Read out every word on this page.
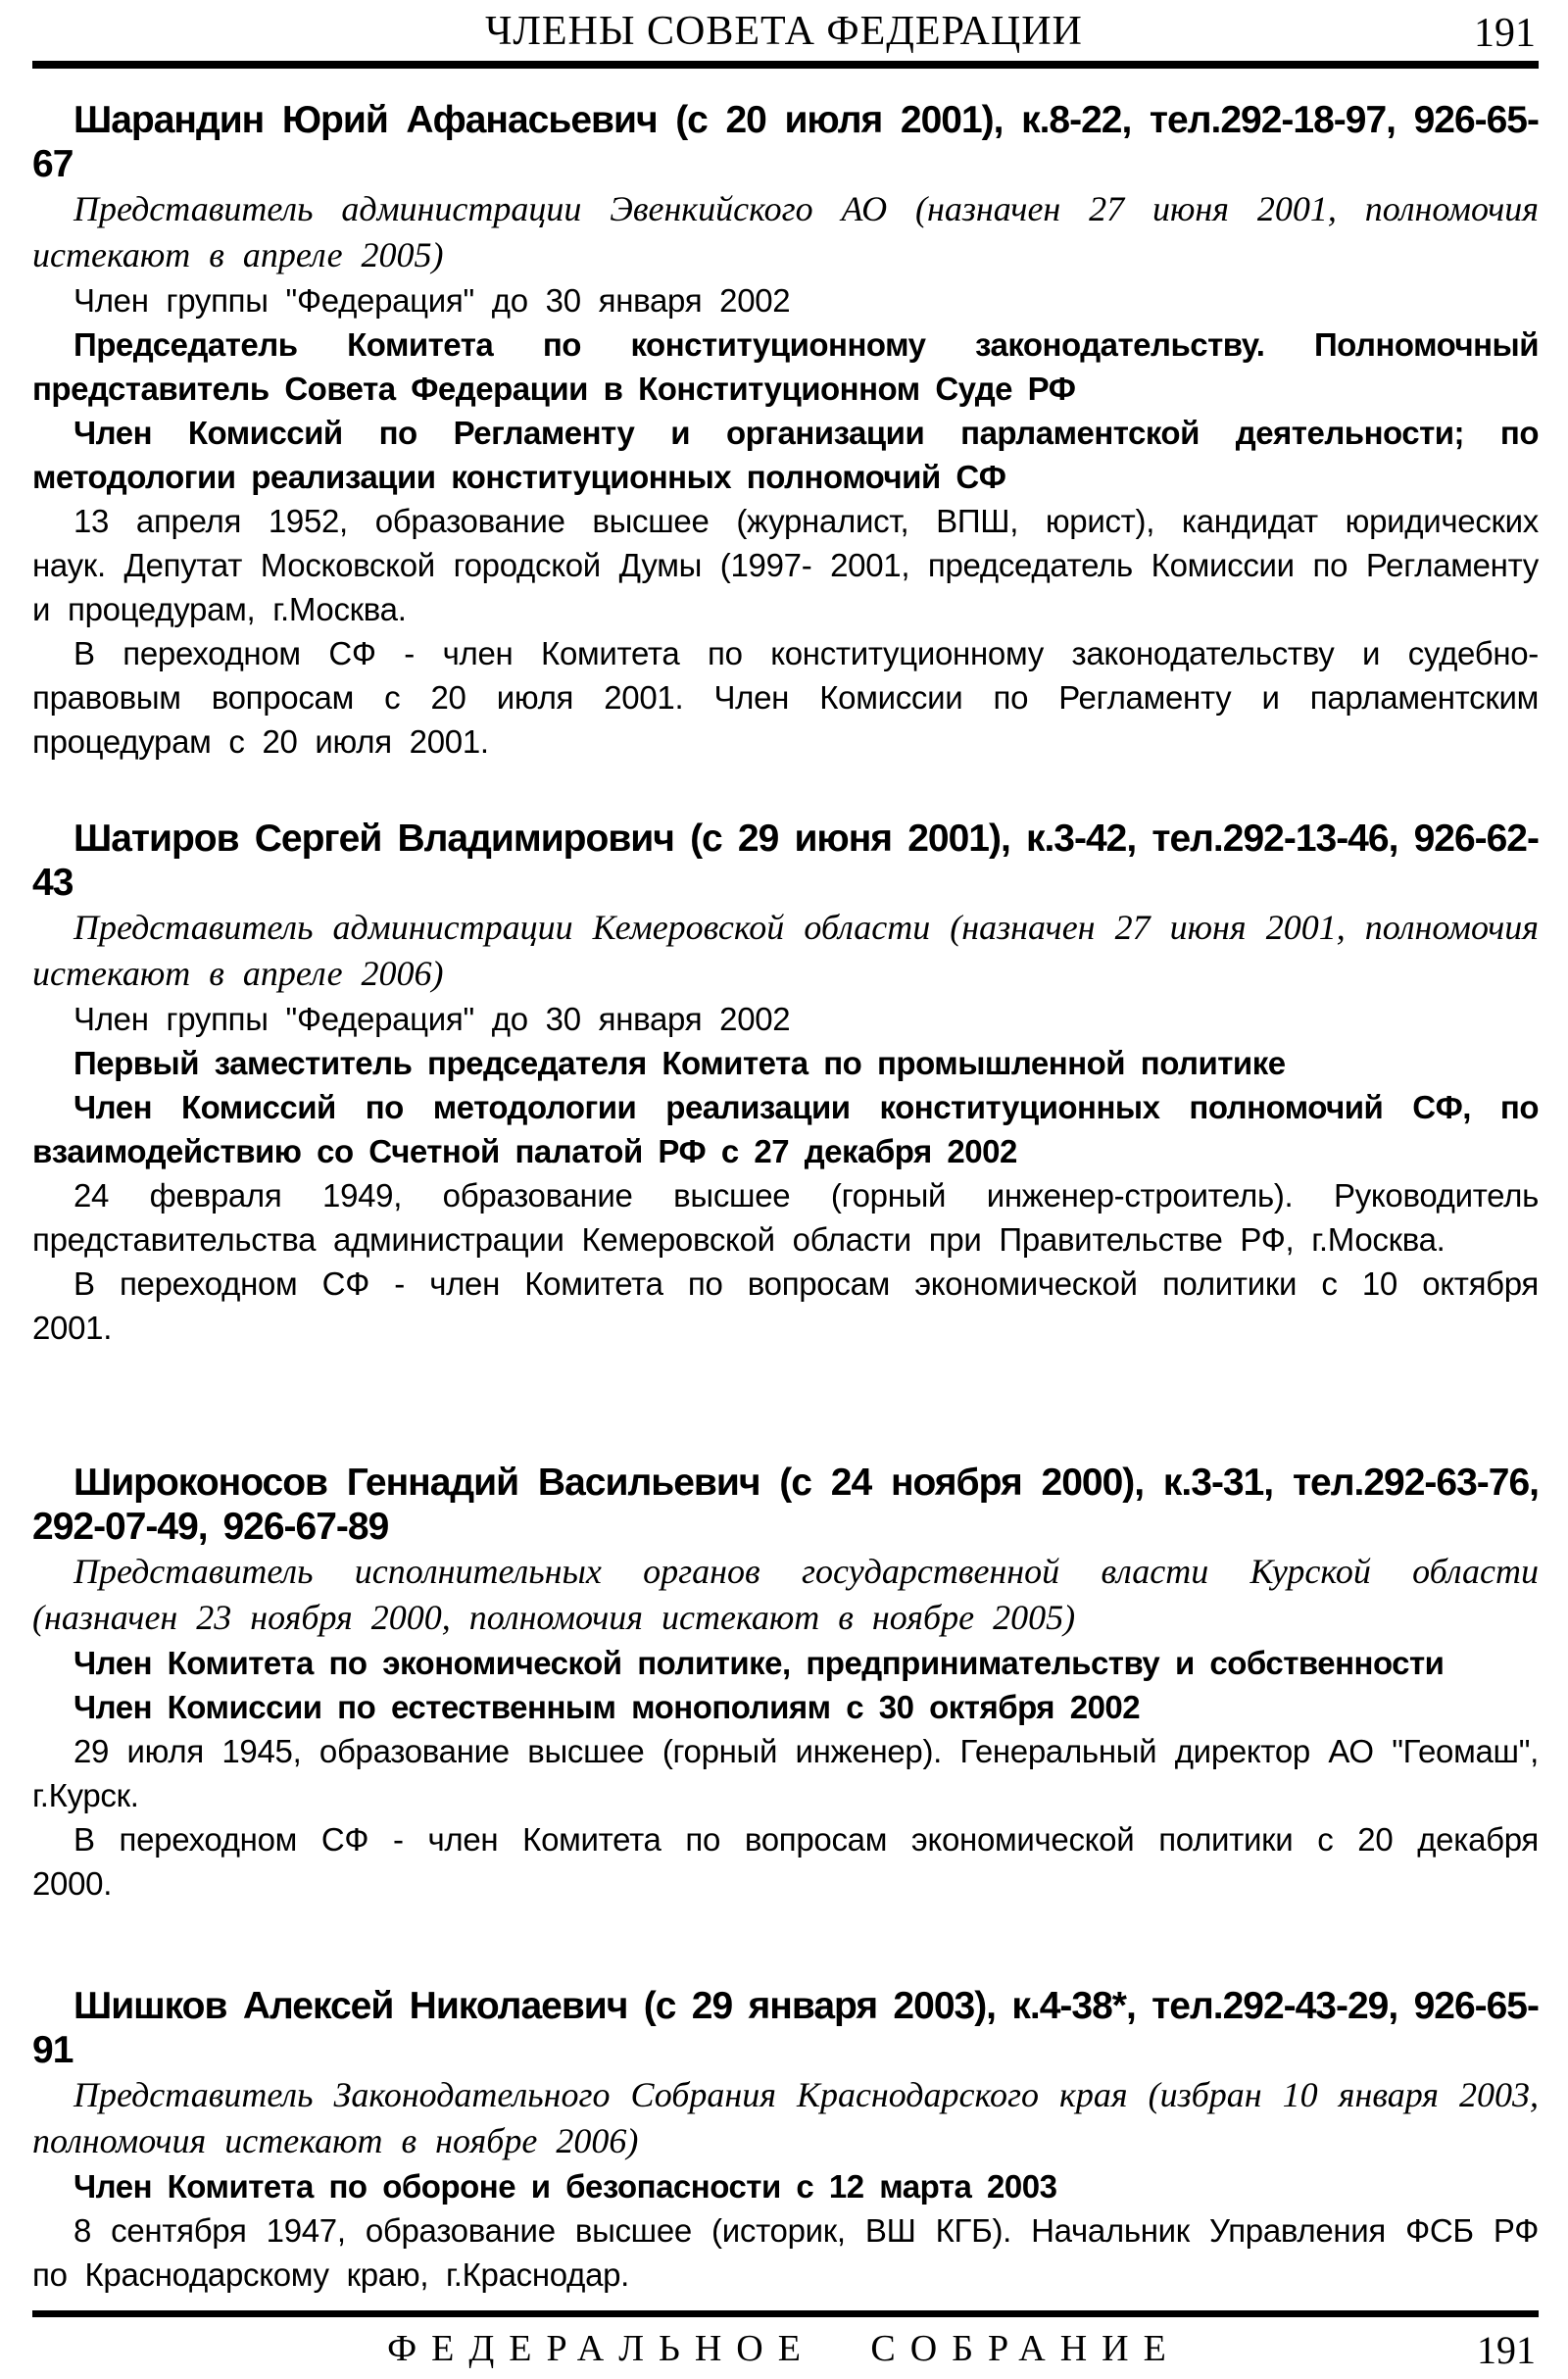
ЧЛЕНЫ СОВЕТА ФЕДЕРАЦИИ	191

Шарандин Юрий Афанасьевич (с 20 июля 2001), к.8-22, тел.292-18-97, 926-65-67

Представитель администрации Эвенкийского АО (назначен 27 июня 2001, полномочия истекают в апреле 2005)

Член группы "Федерация" до 30 января 2002

Председатель Комитета по конституционному законодательству. Полномочный представитель Совета Федерации в Конституционном Суде РФ

Член Комиссий по Регламенту и организации парламентской деятельности; по методологии реализации конституционных полномочий СФ

13 апреля 1952, образование высшее (журналист, ВПШ, юрист), кандидат юридических наук. Депутат Московской городской Думы (1997- 2001, председатель Комиссии по Регламенту и процедурам, г.Москва.

В переходном СФ - член Комитета по конституционному законодательству и судебно-правовым вопросам с 20 июля 2001. Член Комиссии по Регламенту и парламентским процедурам с 20 июля 2001.

Шатиров Сергей Владимирович (с 29 июня 2001), к.3-42, тел.292-13-46, 926-62-43

Представитель администрации Кемеровской области (назначен 27 июня 2001, полномочия истекают в апреле 2006)

Член группы "Федерация" до 30 января 2002

Первый заместитель председателя Комитета по промышленной политике

Член Комиссий по методологии реализации конституционных полномочий СФ, по взаимодействию со Счетной палатой РФ с 27 декабря 2002

24 февраля 1949, образование высшее (горный инженер-строитель). Руководитель представительства администрации Кемеровской области при Правительстве РФ, г.Москва.

В переходном СФ - член Комитета по вопросам экономической политики с 10 октября 2001.

Широконосов Геннадий Васильевич (с 24 ноября 2000), к.3-31, тел.292-63-76, 292-07-49, 926-67-89

Представитель исполнительных органов государственной власти Курской области (назначен 23 ноября 2000, полномочия истекают в ноябре 2005)

Член Комитета по экономической политике, предпринимательству и собственности

Член Комиссии по естественным монополиям с 30 октября 2002

29 июля 1945, образование высшее (горный инженер). Генеральный директор АО "Геомаш", г.Курск.

В переходном СФ - член Комитета по вопросам экономической политики с 20 декабря 2000.

Шишков Алексей Николаевич (с 29 января 2003), к.4-38*, тел.292-43-29, 926-65-91

Представитель Законодательного Собрания Краснодарского края (избран 10 января 2003, полномочия истекают в ноябре 2006)

Член Комитета по обороне и безопасности с 12 марта 2003

8 сентября 1947, образование высшее (историк, ВШ КГБ). Начальник Управления ФСБ РФ по Краснодарскому краю, г.Краснодар.

ФЕДЕРАЛЬНОЕ СОБРАНИЕ	191
